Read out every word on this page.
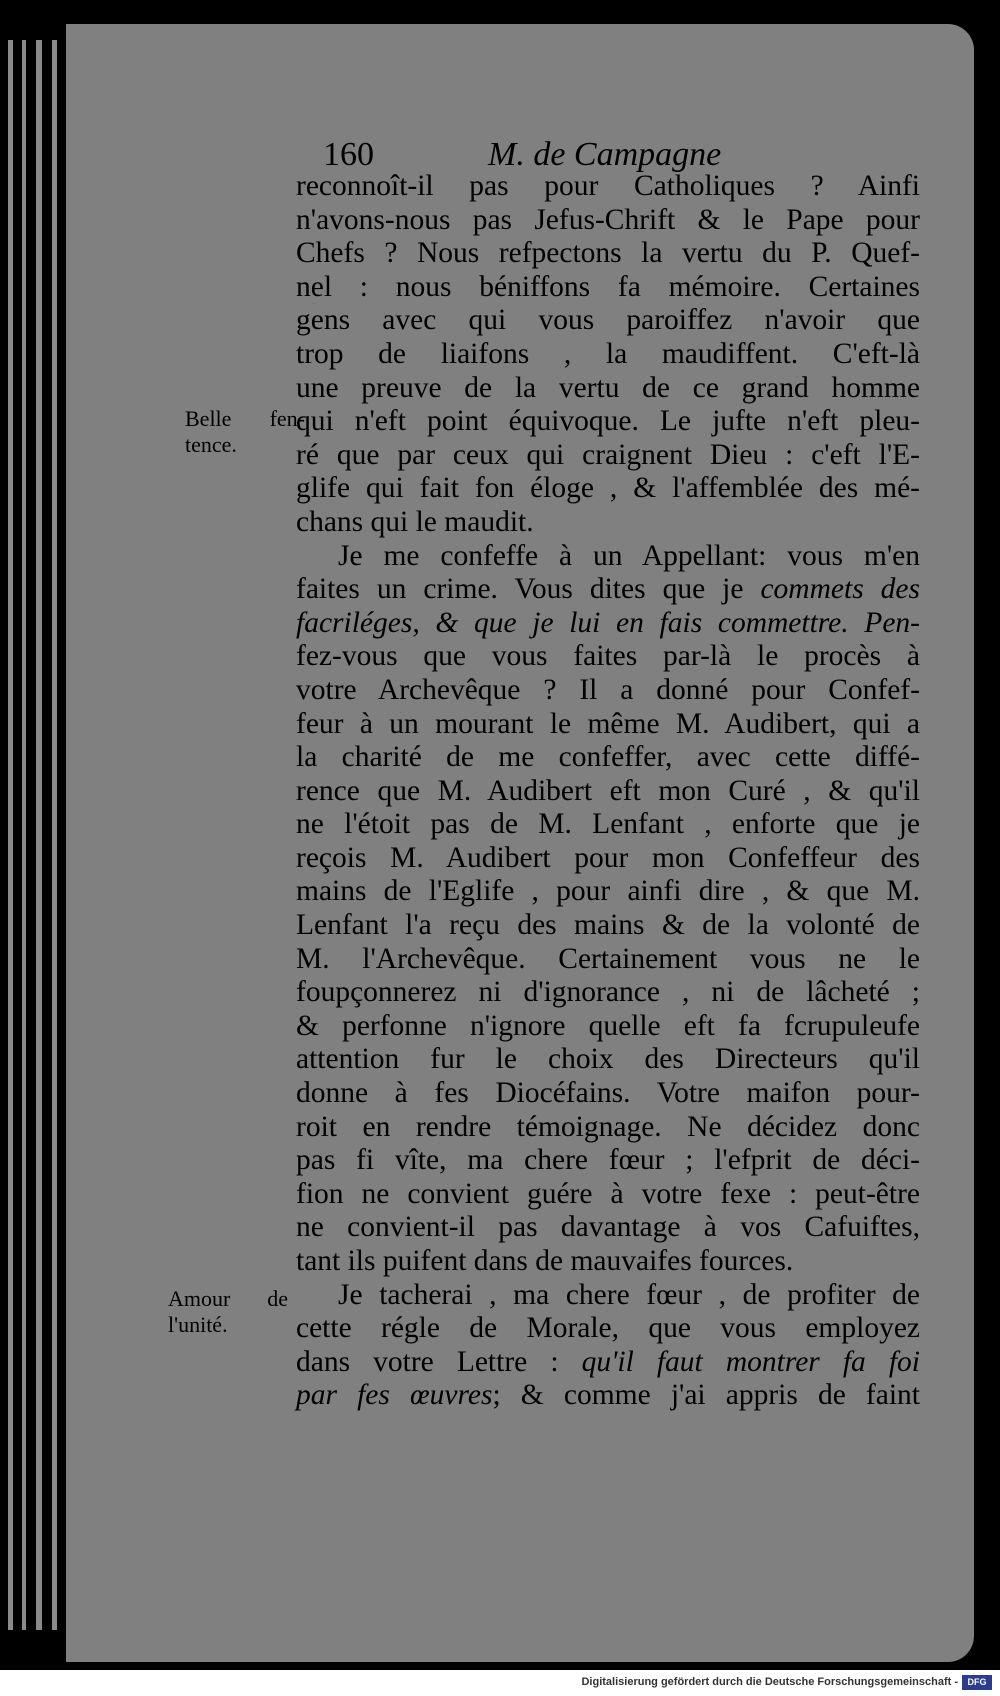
160	M. de Campagne
Belle fen-
tence.
Amour de
l'unité.
reconnoît-il pas pour Catholiques ? Ainfi
n'avons-nous pas Jefus-Chrift & le Pape pour
Chefs ? Nous refpectons la vertu du P. Quef-
nel : nous béniffons fa mémoire. Certaines
gens avec qui vous paroiffez n'avoir que
trop de liaifons , la maudiffent. C'eft-là
une preuve de la vertu de ce grand homme
qui n'eft point équivoque. Le jufte n'eft pleu-
ré que par ceux qui craignent Dieu : c'eft l'E-
glife qui fait fon éloge , & l'affemblée des mé-
chans qui le maudit.
Je me confeffe à un Appellant: vous m'en
faites un crime. Vous dites que je commets des
facriléges, & que je lui en fais commettre. Pen-
fez-vous que vous faites par-là le procès à
votre Archevêque ? Il a donné pour Confef-
feur à un mourant le même M. Audibert, qui a
la charité de me confeffer, avec cette diffé-
rence que M. Audibert eft mon Curé , & qu'il
ne l'étoit pas de M. Lenfant , enforte que je
reçois M. Audibert pour mon Confeffeur des
mains de l'Eglife , pour ainfi dire , & que M.
Lenfant l'a reçu des mains & de la volonté de
M. l'Archevêque. Certainement vous ne le
foupçonnerez ni d'ignorance , ni de lâcheté ;
& perfonne n'ignore quelle eft fa fcrupuleufe
attention fur le choix des Directeurs qu'il
donne à fes Diocéfains. Votre maifon pour-
roit en rendre témoignage. Ne décidez donc
pas fi vîte, ma chere fœur ; l'efprit de déci-
fion ne convient guére à votre fexe : peut-être
ne convient-il pas davantage à vos Cafuiftes,
tant ils puifent dans de mauvaifes fources.
Je tacherai , ma chere fœur , de profiter de
cette régle de Morale, que vous employez
dans votre Lettre : qu'il faut montrer fa foi
par fes œuvres; & comme j'ai appris de faint
Digitalisierung gefördert durch die Deutsche Forschungsgemeinschaft -	DFG
